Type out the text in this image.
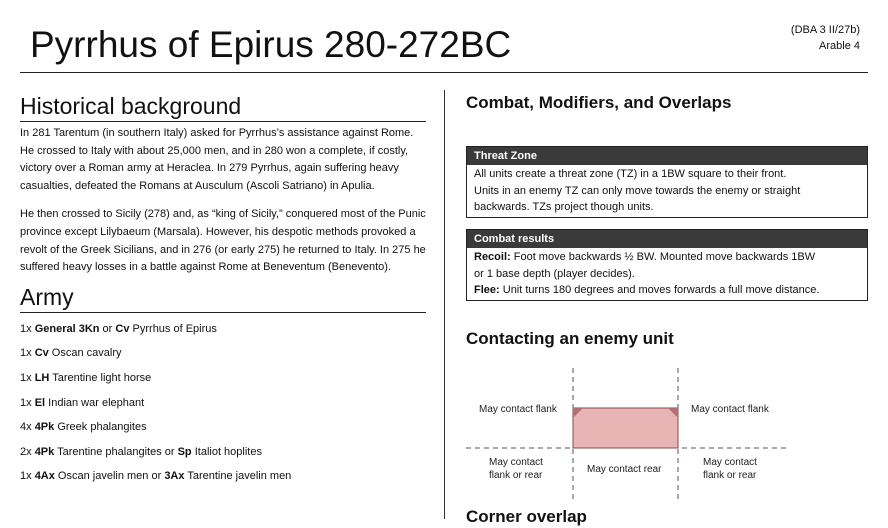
Pyrrhus of Epirus 280-272BC	(DBA 3 II/27b)
Arable 4
Historical background

In 281 Tarentum (in southern Italy) asked for Pyrrhus’s assistance against Rome. He crossed to Italy with about 25,000 men, and in 280 won a complete, if costly, victory over a Roman army at Heraclea. In 279 Pyrrhus, again suffering heavy casualties, defeated the Romans at Ausculum (Ascoli Satriano) in Apulia.

He then crossed to Sicily (278) and, as “king of Sicily,” conquered most of the Punic province except Lilybaeum (Marsala). However, his despotic methods provoked a revolt of the Greek Sicilians, and in 276 (or early 275) he returned to Italy. In 275 he suffered heavy losses in a battle against Rome at Beneventum (Benevento).

Army
1x General 3Kn or Cv Pyrrhus of Epirus
1x Cv Oscan cavalry
1x LH Tarentine light horse
1x El Indian war elephant
4x 4Pk Greek phalangites
2x 4Pk Tarentine phalangites or Sp Italiot hoplites
1x 4Ax Oscan javelin men or 3Ax Tarentine javelin men
Combat, Modifiers, and Overlaps
Threat Zone
All units create a threat zone (TZ) in a 1BW square to their front.
Units in an enemy TZ can only move towards the enemy or straight
backwards. TZs project though units.
Combat results
Recoil: Foot move backwards ½ BW. Mounted move backwards 1BW
or 1 base depth (player decides).
Flee: Unit turns 180 degrees and moves forwards a full move distance.
Contacting an enemy unit
May contact flank	May contact flank
May contact
flank or rear
May contact rear
May contact
flank or rear
Corner overlap
